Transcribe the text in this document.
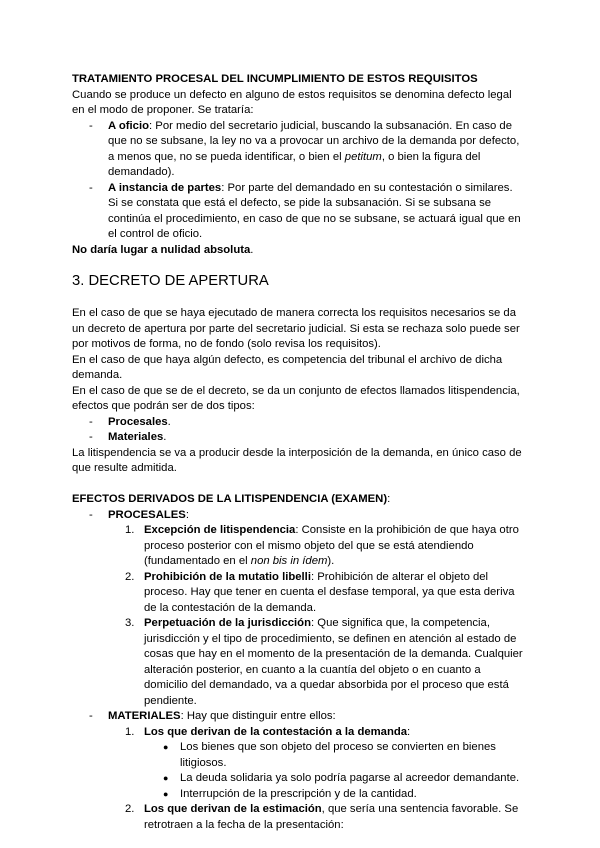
TRATAMIENTO PROCESAL DEL INCUMPLIMIENTO DE ESTOS REQUISITOS

Cuando se produce un defecto en alguno de estos requisitos se denomina defecto legal en el modo de proponer. Se trataría:

- A oficio: Por medio del secretario judicial, buscando la subsanación. En caso de que no se subsane, la ley no va a provocar un archivo de la demanda por defecto, a menos que, no se pueda identificar, o bien el petitum, o bien la figura del demandado).
- A instancia de partes: Por parte del demandado en su contestación o similares. Si se constata que está el defecto, se pide la subsanación. Si se subsana se continúa el procedimiento, en caso de que no se subsane, se actuará igual que en el control de oficio.

No daría lugar a nulidad absoluta.

3. DECRETO DE APERTURA

En el caso de que se haya ejecutado de manera correcta los requisitos necesarios se da un decreto de apertura por parte del secretario judicial. Si esta se rechaza solo puede ser por motivos de forma, no de fondo (solo revisa los requisitos).

En el caso de que haya algún defecto, es competencia del tribunal el archivo de dicha demanda.

En el caso de que se de el decreto, se da un conjunto de efectos llamados litispendencia, efectos que podrán ser de dos tipos:

- Procesales.
- Materiales.

La litispendencia se va a producir desde la interposición de la demanda, en único caso de que resulte admitida.

EFECTOS DERIVADOS DE LA LITISPENDENCIA (EXAMEN):

- PROCESALES:
1. Excepción de litispendencia: Consiste en la prohibición de que haya otro proceso posterior con el mismo objeto del que se está atendiendo (fundamentado en el non bis in ídem).
2. Prohibición de la mutatio libelli: Prohibición de alterar el objeto del proceso. Hay que tener en cuenta el desfase temporal, ya que esta deriva de la contestación de la demanda.
3. Perpetuación de la jurisdicción: Que significa que, la competencia, jurisdicción y el tipo de procedimiento, se definen en atención al estado de cosas que hay en el momento de la presentación de la demanda. Cualquier alteración posterior, en cuanto a la cuantía del objeto o en cuanto a domicilio del demandado, va a quedar absorbida por el proceso que está pendiente.
- MATERIALES: Hay que distinguir entre ellos:
1. Los que derivan de la contestación a la demanda:
● Los bienes que son objeto del proceso se convierten en bienes litigiosos.
● La deuda solidaria ya solo podría pagarse al acreedor demandante.
● Interrupción de la prescripción y de la cantidad.
2. Los que derivan de la estimación, que sería una sentencia favorable. Se retrotraen a la fecha de la presentación:
